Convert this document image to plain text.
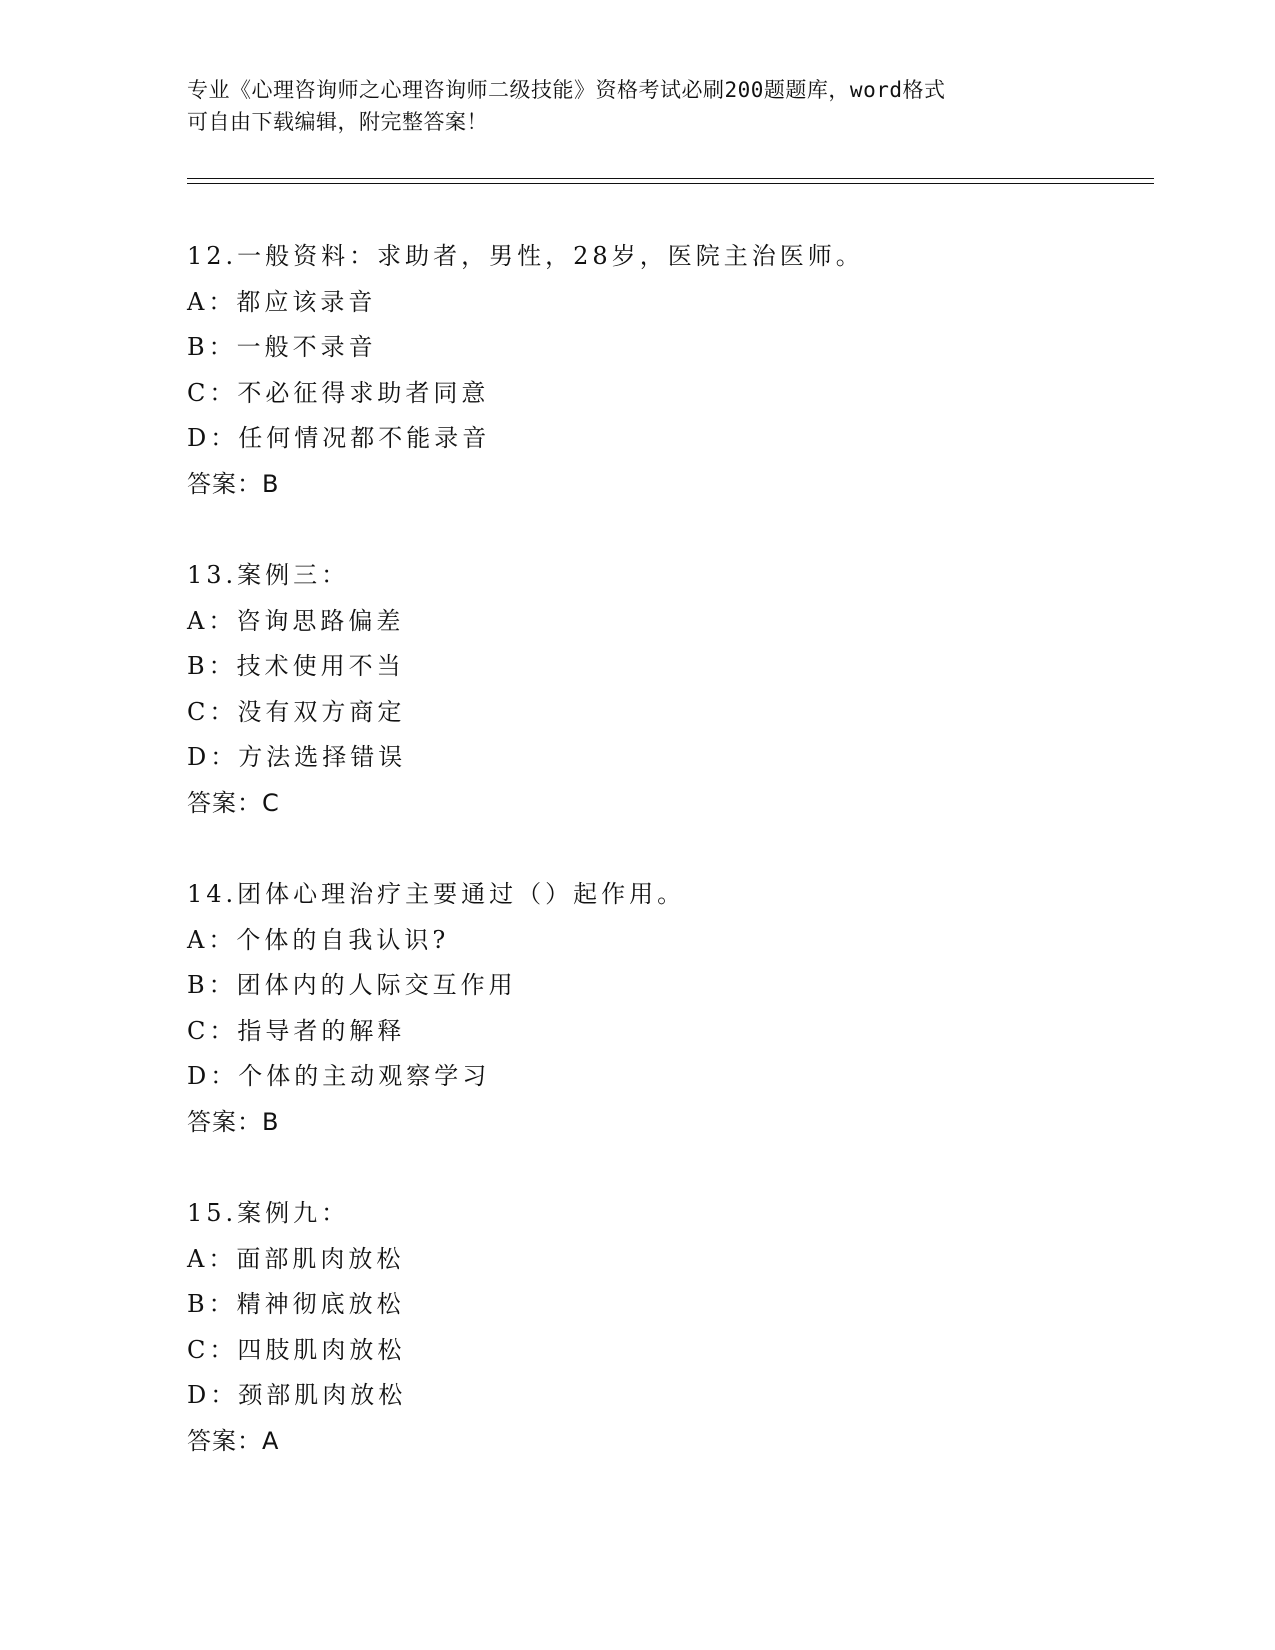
专业《心理咨询师之心理咨询师二级技能》资格考试必刷200题题库，word格式
可自由下载编辑，附完整答案！
12.一般资料：求助者，男性，28岁，医院主治医师。
A：都应该录音
B：一般不录音
C：不必征得求助者同意
D：任何情况都不能录音
答案：B
13.案例三：
A：咨询思路偏差
B：技术使用不当
C：没有双方商定
D：方法选择错误
答案：C
14.团体心理治疗主要通过（）起作用。
A：个体的自我认识?
B：团体内的人际交互作用
C：指导者的解释
D：个体的主动观察学习
答案：B
15.案例九：
A：面部肌肉放松
B：精神彻底放松
C：四肢肌肉放松
D：颈部肌肉放松
答案：A
